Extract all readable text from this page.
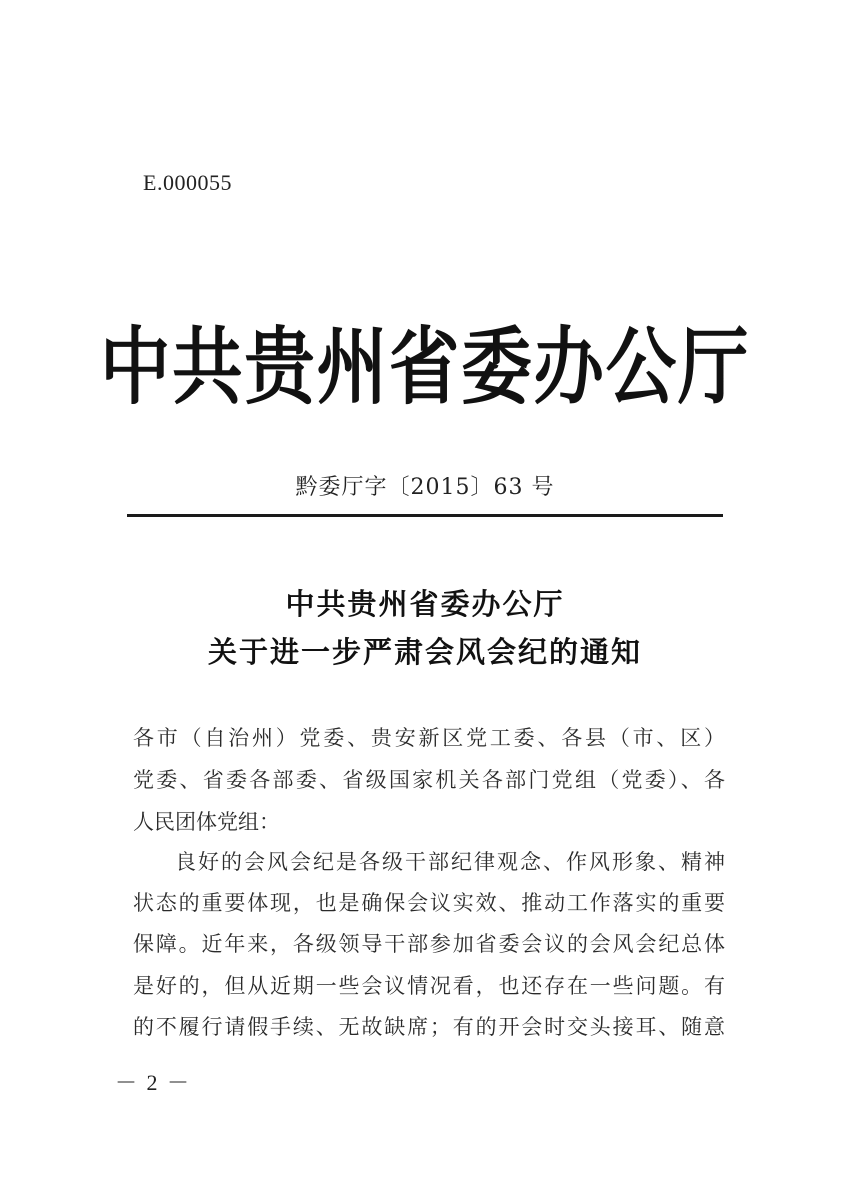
E.000055
中共贵州省委办公厅
黔委厅字〔2015〕63 号
中共贵州省委办公厅
关于进一步严肃会风会纪的通知
各市（自治州）党委、贵安新区党工委、各县（市、区）
党委、省委各部委、省级国家机关各部门党组（党委）、各
人民团体党组：
良好的会风会纪是各级干部纪律观念、作风形象、精神
状态的重要体现，也是确保会议实效、推动工作落实的重要
保障。近年来，各级领导干部参加省委会议的会风会纪总体
是好的，但从近期一些会议情况看，也还存在一些问题。有
的不履行请假手续、无故缺席；有的开会时交头接耳、随意
－ 2 －
